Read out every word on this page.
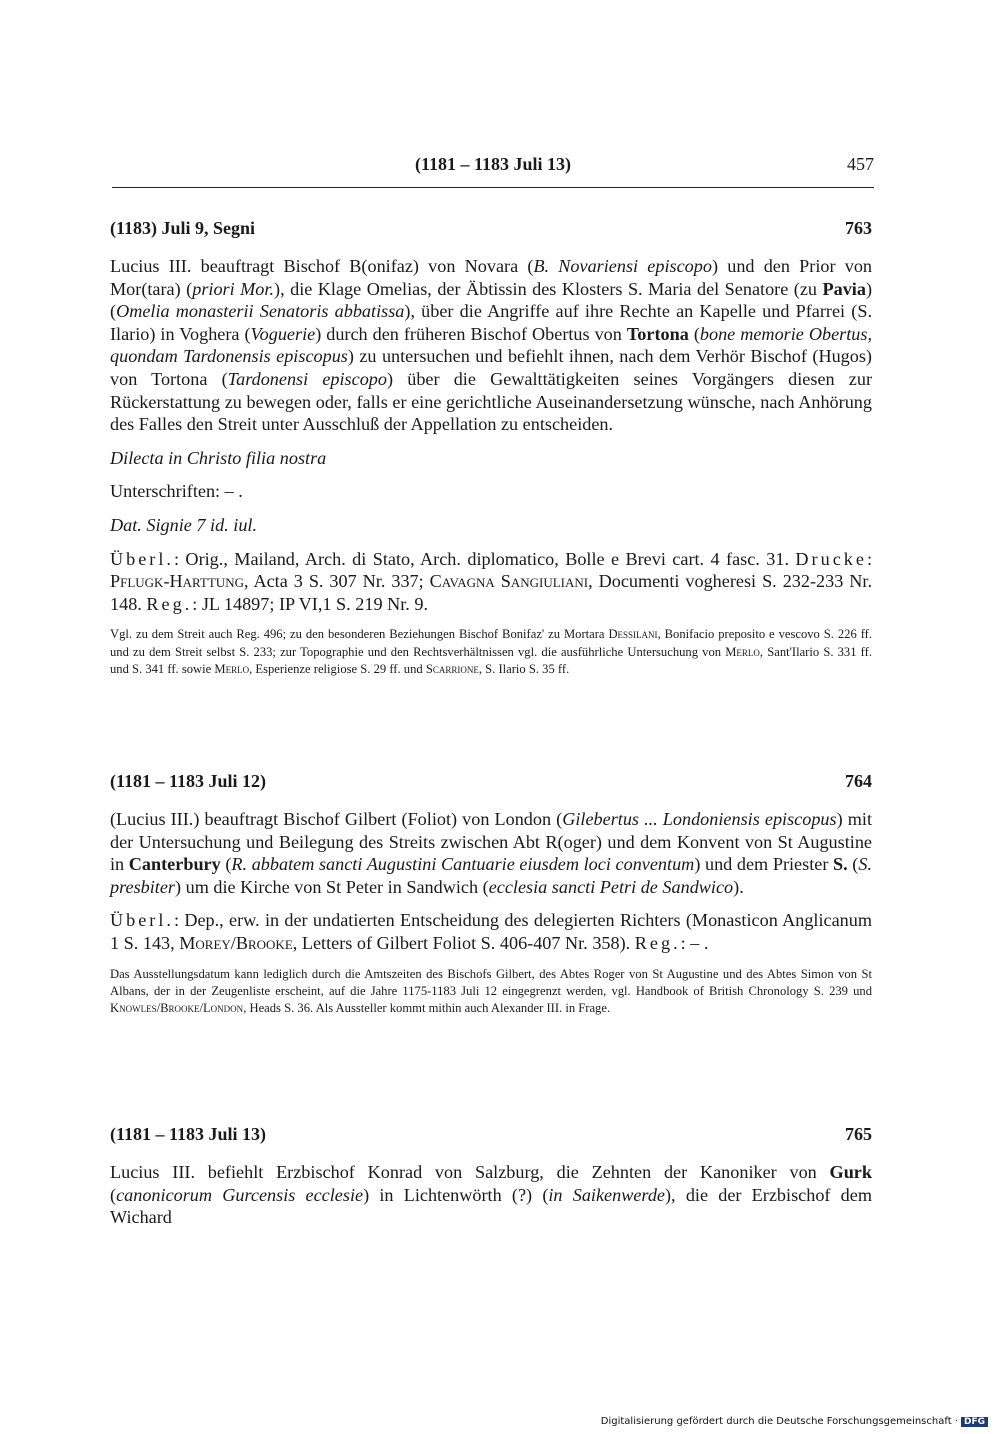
(1181 – 1183 Juli 13)	457
(1183) Juli 9, Segni	763

Lucius III. beauftragt Bischof B(onifaz) von Novara (B. Novariensi episcopo) und den Prior von Mor(tara) (priori Mor.), die Klage Omelias, der Äbtissin des Klosters S. Maria del Senatore (zu Pavia) (Omelia monasterii Senatoris abbatissa), über die Angriffe auf ihre Rechte an Kapelle und Pfarrei (S. Ilario) in Voghera (Voguerie) durch den früheren Bischof Obertus von Tortona (bone memorie Obertus, quondam Tardonensis episcopus) zu untersuchen und befiehlt ihnen, nach dem Verhör Bischof (Hugos) von Tortona (Tardonensi episcopo) über die Gewalttätigkeiten seines Vorgängers diesen zur Rückerstattung zu bewegen oder, falls er eine gerichtliche Auseinandersetzung wünsche, nach Anhörung des Falles den Streit unter Ausschluß der Appellation zu entscheiden.

Dilecta in Christo filia nostra

Unterschriften: – .

Dat. Signie 7 id. iul.

Überl.: Orig., Mailand, Arch. di Stato, Arch. diplomatico, Bolle e Brevi cart. 4 fasc. 31. Drucke: Pflugk-Harttung, Acta 3 S. 307 Nr. 337; Cavagna Sangiuliani, Documenti vogheresi S. 232-233 Nr. 148. Reg.: JL 14897; IP VI,1 S. 219 Nr. 9.

Vgl. zu dem Streit auch Reg. 496; zu den besonderen Beziehungen Bischof Bonifaz' zu Mortara Dessilani, Bonifacio preposito e vescovo S. 226 ff. und zu dem Streit selbst S. 233; zur Topographie und den Rechtsverhältnissen vgl. die ausführliche Untersuchung von Merlo, Sant'Ilario S. 331 ff. und S. 341 ff. sowie Merlo, Esperienze religiose S. 29 ff. und Scarrione, S. Ilario S. 35 ff.

(1181 – 1183 Juli 12)	764

(Lucius III.) beauftragt Bischof Gilbert (Foliot) von London (Gilebertus ... Londoniensis episcopus) mit der Untersuchung und Beilegung des Streits zwischen Abt R(oger) und dem Konvent von St Augustine in Canterbury (R. abbatem sancti Augustini Cantuarie eiusdem loci conventum) und dem Priester S. (S. presbiter) um die Kirche von St Peter in Sandwich (ecclesia sancti Petri de Sandwico).

Überl.: Dep., erw. in der undatierten Entscheidung des delegierten Richters (Monasticon Anglicanum 1 S. 143, Morey/Brooke, Letters of Gilbert Foliot S. 406-407 Nr. 358). Reg.: – .

Das Ausstellungsdatum kann lediglich durch die Amtszeiten des Bischofs Gilbert, des Abtes Roger von St Augustine und des Abtes Simon von St Albans, der in der Zeugenliste erscheint, auf die Jahre 1175-1183 Juli 12 eingegrenzt werden, vgl. Handbook of British Chronology S. 239 und Knowles/Brooke/London, Heads S. 36. Als Aussteller kommt mithin auch Alexander III. in Frage.

(1181 – 1183 Juli 13)	765

Lucius III. befiehlt Erzbischof Konrad von Salzburg, die Zehnten der Kanoniker von Gurk (canonicorum Gurcensis ecclesie) in Lichtenwörth (?) (in Saikenwerde), die der Erzbischof dem Wichard

Digitalisierung gefördert durch die Deutsche Forschungsgemeinschaft · DFG
